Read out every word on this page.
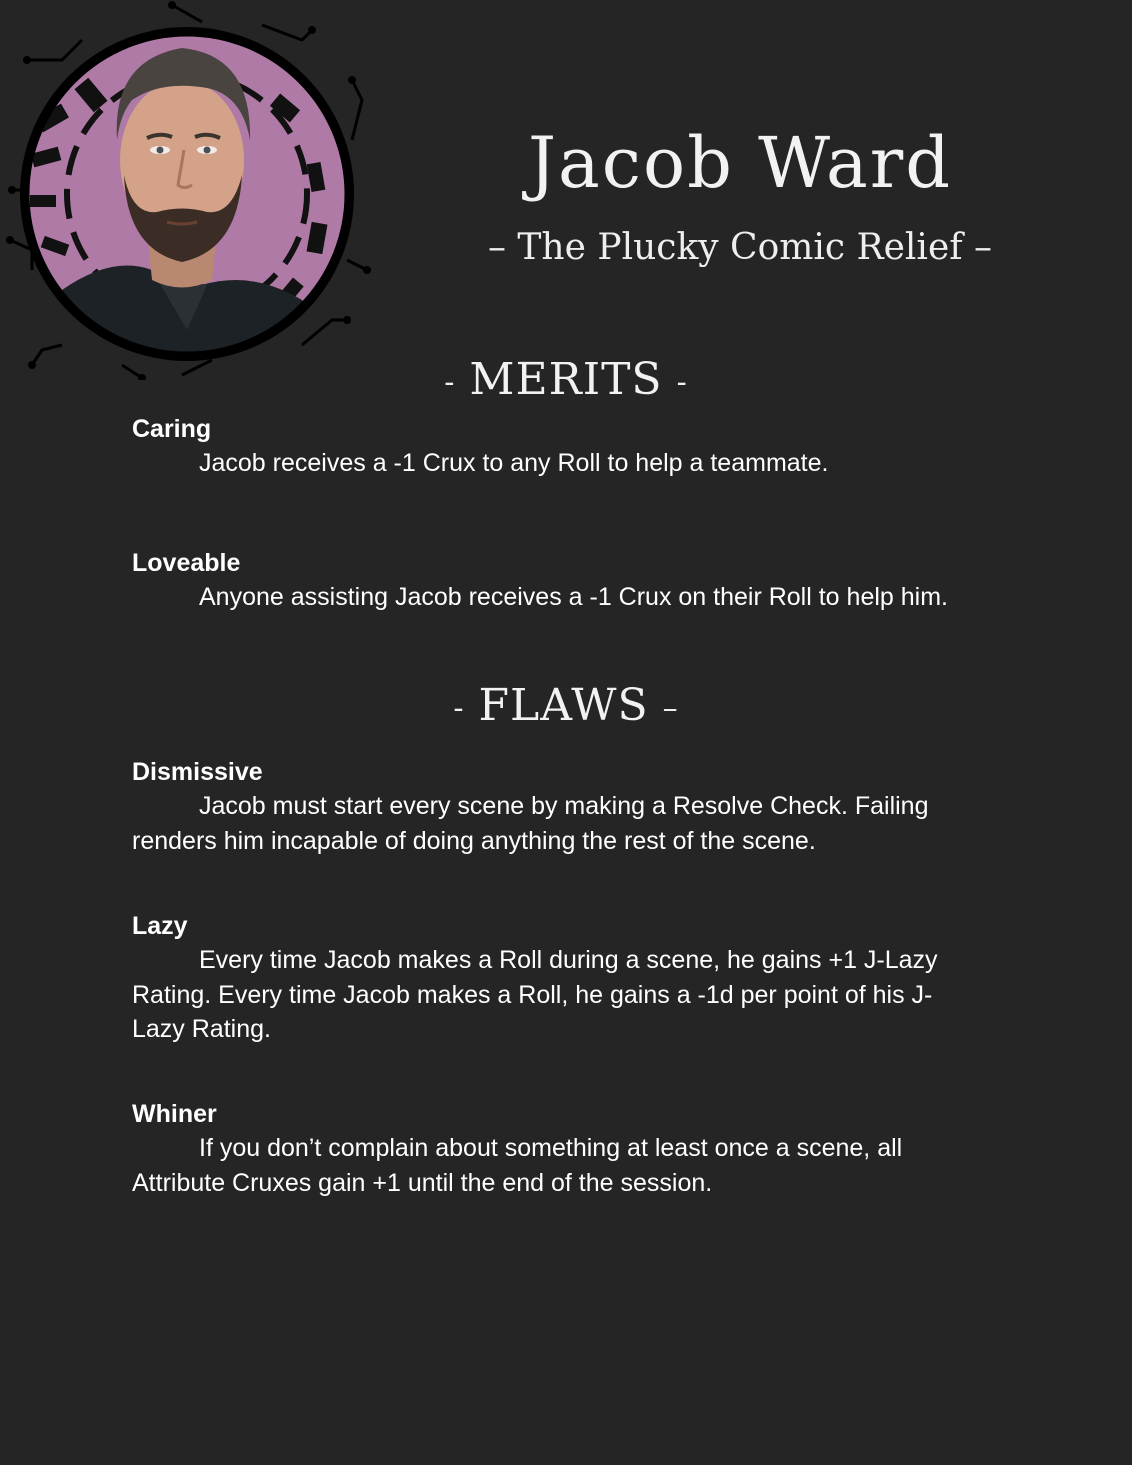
Jacob Ward
– The Plucky Comic Relief –
- MERITS -

Caring

Jacob receives a -1 Crux to any Roll to help a teammate.

Loveable

Anyone assisting Jacob receives a -1 Crux on their Roll to help him.

- FLAWS –

Dismissive

Jacob must start every scene by making a Resolve Check. Failing renders him incapable of doing anything the rest of the scene.

Lazy

Every time Jacob makes a Roll during a scene, he gains +1 J-Lazy Rating. Every time Jacob makes a Roll, he gains a -1d per point of his J-Lazy Rating.

Whiner

If you don’t complain about something at least once a scene, all Attribute Cruxes gain +1 until the end of the session.
